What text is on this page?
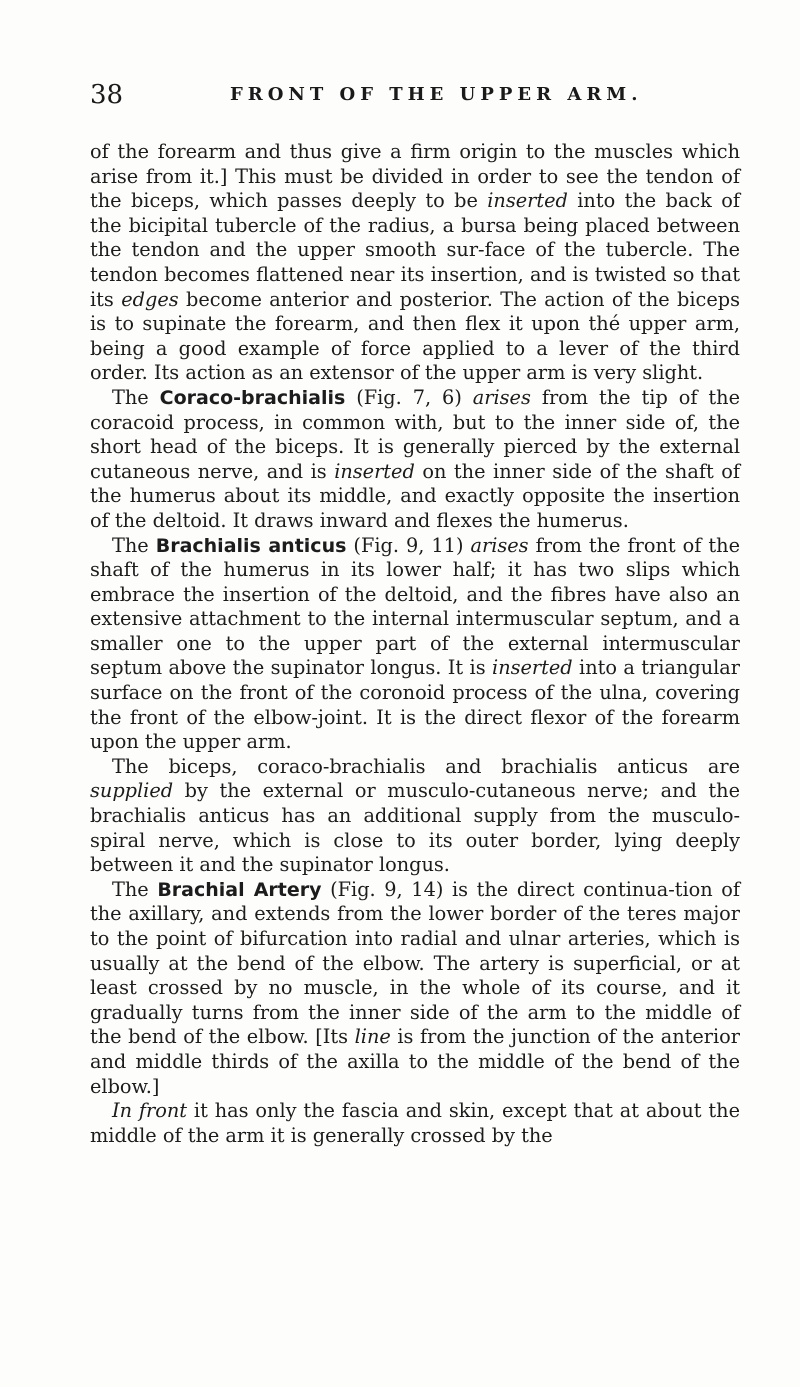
38	FRONT OF THE UPPER ARM.

of the forearm and thus give a firm origin to the muscles which arise from it.] This must be divided in order to see the tendon of the biceps, which passes deeply to be inserted into the back of the bicipital tubercle of the radius, a bursa being placed between the tendon and the upper smooth sur-face of the tubercle. The tendon becomes flattened near its insertion, and is twisted so that its edges become anterior and posterior. The action of the biceps is to supinate the forearm, and then flex it upon thé upper arm, being a good example of force applied to a lever of the third order. Its action as an extensor of the upper arm is very slight.

The Coraco-brachialis (Fig. 7, 6) arises from the tip of the coracoid process, in common with, but to the inner side of, the short head of the biceps. It is generally pierced by the external cutaneous nerve, and is inserted on the inner side of the shaft of the humerus about its middle, and exactly opposite the insertion of the deltoid. It draws inward and flexes the humerus.

The Brachialis anticus (Fig. 9, 11) arises from the front of the shaft of the humerus in its lower half; it has two slips which embrace the insertion of the deltoid, and the fibres have also an extensive attachment to the internal intermuscular septum, and a smaller one to the upper part of the external intermuscular septum above the supinator longus. It is inserted into a triangular surface on the front of the coronoid process of the ulna, covering the front of the elbow-joint. It is the direct flexor of the forearm upon the upper arm.

The biceps, coraco-brachialis and brachialis anticus are supplied by the external or musculo-cutaneous nerve; and the brachialis anticus has an additional supply from the musculo-spiral nerve, which is close to its outer border, lying deeply between it and the supinator longus.

The Brachial Artery (Fig. 9, 14) is the direct continua-tion of the axillary, and extends from the lower border of the teres major to the point of bifurcation into radial and ulnar arteries, which is usually at the bend of the elbow. The artery is superficial, or at least crossed by no muscle, in the whole of its course, and it gradually turns from the inner side of the arm to the middle of the bend of the elbow. [Its line is from the junction of the anterior and middle thirds of the axilla to the middle of the bend of the elbow.]

In front it has only the fascia and skin, except that at about the middle of the arm it is generally crossed by the
